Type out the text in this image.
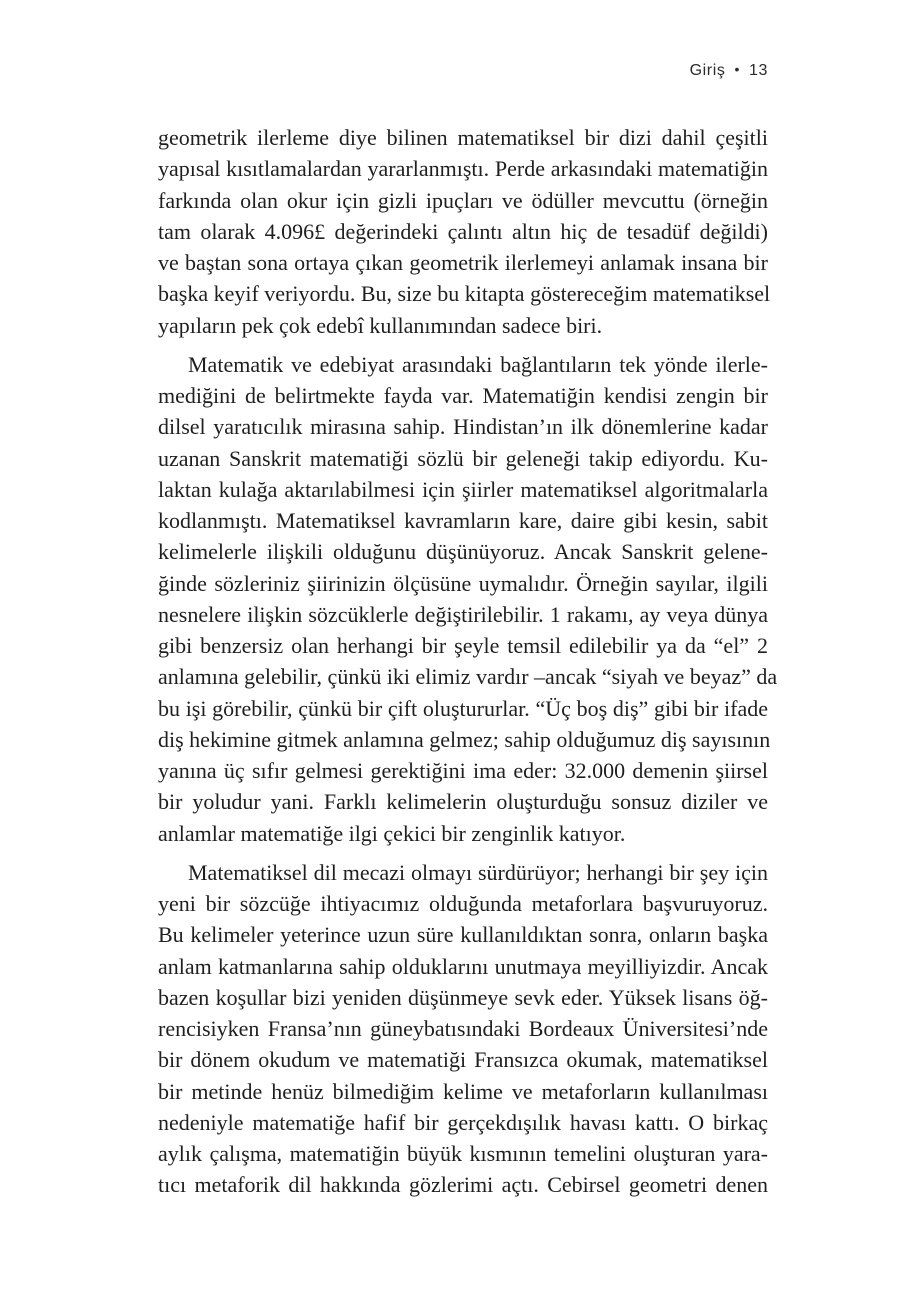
Giriş • 13
geometrik ilerleme diye bilinen matematiksel bir dizi dahil çeşitli
yapısal kısıtlamalardan yararlanmıştı. Perde arkasındaki matematiğin
farkında olan okur için gizli ipuçları ve ödüller mevcuttu (örneğin
tam olarak 4.096£ değerindeki çalıntı altın hiç de tesadüf değildi)
ve baştan sona ortaya çıkan geometrik ilerlemeyi anlamak insana bir
başka keyif veriyordu. Bu, size bu kitapta göstereceğim matematiksel
yapıların pek çok edebî kullanımından sadece biri.
Matematik ve edebiyat arasındaki bağlantıların tek yönde ilerle-
mediğini de belirtmekte fayda var. Matematiğin kendisi zengin bir
dilsel yaratıcılık mirasına sahip. Hindistan’ın ilk dönemlerine kadar
uzanan Sanskrit matematiği sözlü bir geleneği takip ediyordu. Ku-
laktan kulağa aktarılabilmesi için şiirler matematiksel algoritmalarla
kodlanmıştı. Matematiksel kavramların kare, daire gibi kesin, sabit
kelimelerle ilişkili olduğunu düşünüyoruz. Ancak Sanskrit gelene-
ğinde sözleriniz şiirinizin ölçüsüne uymalıdır. Örneğin sayılar, ilgili
nesnelere ilişkin sözcüklerle değiştirilebilir. 1 rakamı, ay veya dünya
gibi benzersiz olan herhangi bir şeyle temsil edilebilir ya da “el” 2
anlamına gelebilir, çünkü iki elimiz vardır –ancak “siyah ve beyaz” da
bu işi görebilir, çünkü bir çift oluştururlar. “Üç boş diş” gibi bir ifade
diş hekimine gitmek anlamına gelmez; sahip olduğumuz diş sayısının
yanına üç sıfır gelmesi gerektiğini ima eder: 32.000 demenin şiirsel
bir yoludur yani. Farklı kelimelerin oluşturduğu sonsuz diziler ve
anlamlar matematiğe ilgi çekici bir zenginlik katıyor.
Matematiksel dil mecazi olmayı sürdürüyor; herhangi bir şey için
yeni bir sözcüğe ihtiyacımız olduğunda metaforlara başvuruyoruz.
Bu kelimeler yeterince uzun süre kullanıldıktan sonra, onların başka
anlam katmanlarına sahip olduklarını unutmaya meyilliyizdir. Ancak
bazen koşullar bizi yeniden düşünmeye sevk eder. Yüksek lisans öğ-
rencisiyken Fransa’nın güneybatısındaki Bordeaux Üniversitesi’nde
bir dönem okudum ve matematiği Fransızca okumak, matematiksel
bir metinde henüz bilmediğim kelime ve metaforların kullanılması
nedeniyle matematiğe hafif bir gerçekdışılık havası kattı. O birkaç
aylık çalışma, matematiğin büyük kısmının temelini oluşturan yara-
tıcı metaforik dil hakkında gözlerimi açtı. Cebirsel geometri denen
